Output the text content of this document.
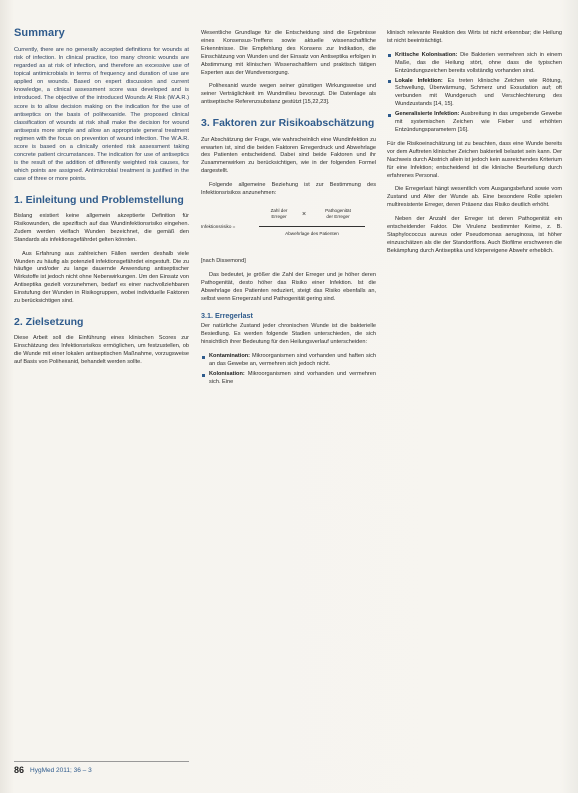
Summary

Currently, there are no generally accepted definitions for wounds at risk of infection. In clinical practice, too many chronic wounds are regarded as at risk of infection, and therefore an excessive use of topical antimicrobials in terms of frequency and duration of use are applied on wounds. Based on expert discussion and current knowledge, a clinical assessment score was developed and is introduced. The objective of the introduced Wounds At Risk (W.A.R.) score is to allow decision making on the indication for the use of antiseptics on the basis of polihexanide. The proposed clinical classification of wounds at risk shall make the decision for wound antisepsis more simple and allow an appropriate general treatment regimen with the focus on prevention of wound infection. The W.A.R. score is based on a clinically oriented risk assessment taking concrete patient circumstances. The indication for use of antiseptics is the result of the addition of differently weighted risk causes, for which points are assigned. Antimicrobial treatment is justified in the case of three or more points.

1. Einleitung und Problemstellung

Bislang existiert keine allgemein akzeptierte Definition für Risikowunden, die spezifisch auf das Wundinfektionsrisiko eingehen. Zudem werden vielfach Wunden bezeichnet, die gemäß den Standards als infektionsgefährdet gelten könnten.

Aus Erfahrung aus zahlreichen Fällen werden deshalb viele Wunden zu häufig als potenziell infektionsgefährdet eingestuft. Die zu häufige und/oder zu lange dauernde Anwendung antiseptischer Wirkstoffe ist jedoch nicht ohne Nebenwirkungen. Um den Einsatz von Antiseptika gezielt vorzunehmen, bedarf es einer nachvollziehbaren Einstufung der Wunden in Risikogruppen, wobei individuelle Faktoren zu berücksichtigen sind.

2. Zielsetzung

Diese Arbeit soll die Einführung eines klinischen Scores zur Einschätzung des Infektionsrisikos ermöglichen, um festzustellen, ob die Wunde mit einer lokalen antiseptischen Maßnahme, vorzugsweise auf Basis von Polihexanid, behandelt werden sollte.

Wesentliche Grundlage für die Entscheidung sind die Ergebnisse eines Konsensus-Treffens sowie aktuelle wissenschaftliche Erkenntnisse. Die Empfehlung des Konsens zur Indikation, die Einschätzung von Wunden und der Einsatz von Antiseptika erfolgen in Abstimmung mit klinischen Wissenschaftlern und praktisch tätigen Experten aus der Wundversorgung.

Polihexanid wurde wegen seiner günstigen Wirkungsweise und seiner Verträglichkeit im Wundmilieu bevorzugt. Die Datenlage als antiseptische Referenzsubstanz gestützt [15,22,23].

3. Faktoren zur Risikoabschätzung

Zur Abschätzung der Frage, wie wahrscheinlich eine Wundinfektion zu erwarten ist, sind die beiden Faktoren Erregerdruck und Abwehrlage des Patienten entscheidend. Dabei sind beide Faktoren und ihr Zusammenwirken zu berücksichtigen, wie in der folgenden Formel dargestellt.

Folgende allgemeine Beziehung ist zur Bestimmung des Infektionsrisikos anzunehmen:

Infektionsrisiko =
Zahl der
Erreger	×
Pathogenität
der Erreger
Abwehrlage des Patienten

[nach Dissemond]

Das bedeutet, je größer die Zahl der Erreger und je höher deren Pathogenität, desto höher das Risiko einer Infektion. Ist die Abwehrlage des Patienten reduziert, steigt das Risiko ebenfalls an, selbst wenn Erregerzahl und Pathogenität gering sind.

3.1. Erregerlast

Der natürliche Zustand jeder chronischen Wunde ist die bakterielle Besiedlung. Es werden folgende Stadien unterschieden, die sich hinsichtlich ihrer Bedeutung für den Heilungsverlauf unterscheiden:

Kontamination: Mikroorganismen sind vorhanden und haften sich an das Gewebe an, vermehren sich jedoch nicht.
Kolonisation: Mikroorganismen sind vorhanden und vermehren sich. Eine

klinisch relevante Reaktion des Wirts ist nicht erkennbar; die Heilung ist nicht beeinträchtigt.

Kritische Kolonisation: Die Bakterien vermehren sich in einem Maße, das die Heilung stört, ohne dass die typischen Entzündungszeichen bereits vollständig vorhanden sind.
Lokale Infektion: Es treten klinische Zeichen wie Rötung, Schwellung, Überwärmung, Schmerz und Exsudation auf; oft verbunden mit Wundgeruch und Verschlechterung des Wundzustands [14, 15].
Generalisierte Infektion: Ausbreitung in das umgebende Gewebe mit systemischen Zeichen wie Fieber und erhöhten Entzündungsparametern [16].

Für die Risikoeinschätzung ist zu beachten, dass eine Wunde bereits vor dem Auftreten klinischer Zeichen bakteriell belastet sein kann. Der Nachweis durch Abstrich allein ist jedoch kein ausreichendes Kriterium für eine Infektion; entscheidend ist die klinische Beurteilung durch erfahrenes Personal.

Die Erregerlast hängt wesentlich vom Ausgangsbefund sowie vom Zustand und Alter der Wunde ab. Eine besondere Rolle spielen multiresistente Erreger, deren Präsenz das Risiko deutlich erhöht.

Neben der Anzahl der Erreger ist deren Pathogenität ein entscheidender Faktor. Die Virulenz bestimmter Keime, z. B. Staphylococcus aureus oder Pseudomonas aeruginosa, ist höher einzuschätzen als die der Standortflora. Auch Biofilme erschweren die Bekämpfung durch Antiseptika und körpereigene Abwehr erheblich.

86 HygMed 2011; 36 – 3
